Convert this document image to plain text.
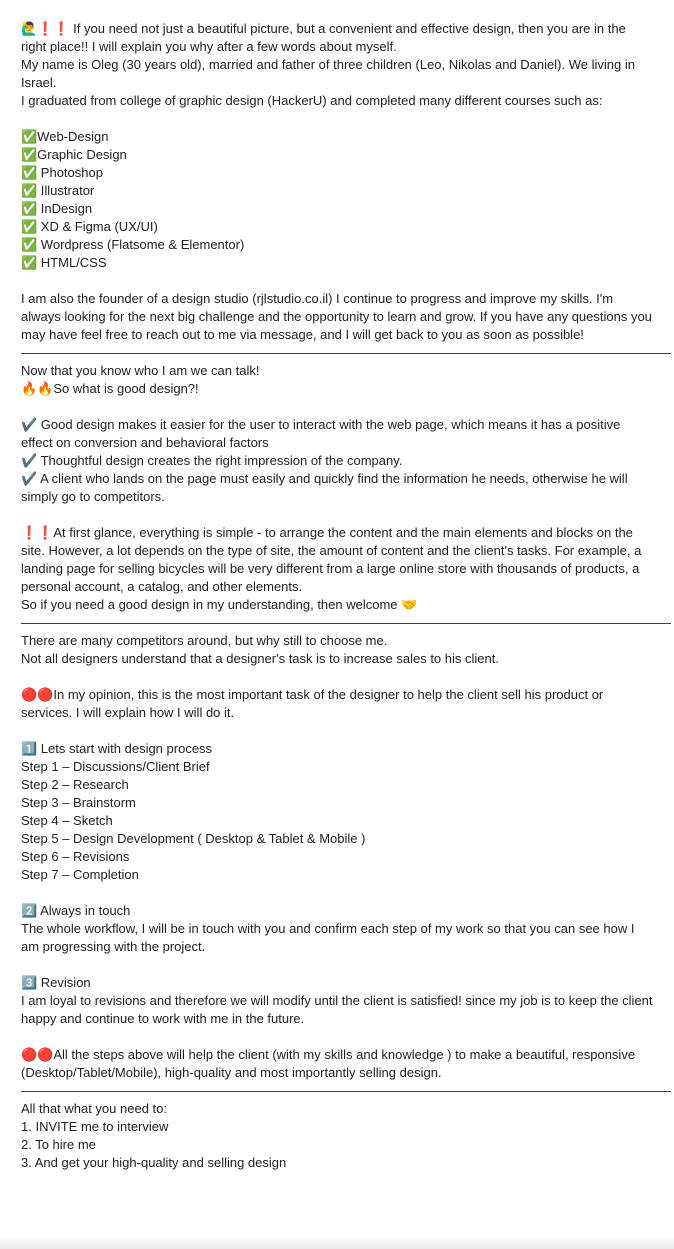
🙋‍♂️❗❗ If you need not just a beautiful picture, but a convenient and effective design, then you are in the right place!! I will explain you why after a few words about myself.
My name is Oleg (30 years old), married and father of three children (Leo, Nikolas and Daniel). We living in Israel.
I graduated from college of graphic design (HackerU) and completed many different courses such as:
✅Web-Design
✅Graphic Design
✅ Photoshop
✅ Illustrator
✅ InDesign
✅ XD & Figma (UX/UI)
✅ Wordpress (Flatsome & Elementor)
✅ HTML/CSS
I am also the founder of a design studio (rjlstudio.co.il) I continue to progress and improve my skills. I'm always looking for the next big challenge and the opportunity to learn and grow. If you have any questions you may have feel free to reach out to me via message, and I will get back to you as soon as possible!
——————————————————————————————————————————————————
Now that you know who I am we can talk!
🔥🔥So what is good design?!
✔️ Good design makes it easier for the user to interact with the web page, which means it has a positive effect on conversion and behavioral factors
✔️ Thoughtful design creates the right impression of the company.
✔️ A client who lands on the page must easily and quickly find the information he needs, otherwise he will simply go to competitors.
❗❗At first glance, everything is simple - to arrange the content and the main elements and blocks on the site. However, a lot depends on the type of site, the amount of content and the client's tasks. For example, a landing page for selling bicycles will be very different from a large online store with thousands of products, a personal account, a catalog, and other elements.
So if you need a good design in my understanding, then welcome 🤝
——————————————————————————————————————————————————
There are many competitors around, but why still to choose me.
Not all designers understand that a designer's task is to increase sales to his client.
🔴🔴In my opinion, this is the most important task of the designer to help the client sell his product or services. I will explain how I will do it.
1️⃣ Lets start with design process
Step 1 – Discussions/Client Brief
Step 2 – Research
Step 3 – Brainstorm
Step 4 – Sketch
Step 5 – Design Development ( Desktop & Tablet & Mobile )
Step 6 – Revisions
Step 7 – Completion
2️⃣ Always in touch
The whole workflow, I will be in touch with you and confirm each step of my work so that you can see how I am progressing with the project.
3️⃣ Revision
I am loyal to revisions and therefore we will modify until the client is satisfied! since my job is to keep the client happy and continue to work with me in the future.
🔴🔴All the steps above will help the client (with my skills and knowledge ) to make a beautiful, responsive (Desktop/Tablet/Mobile), high-quality and most importantly selling design.
——————————————————————————————————————————————————
All that what you need to:
1. INVITE me to interview
2. To hire me
3. And get your high-quality and selling design
